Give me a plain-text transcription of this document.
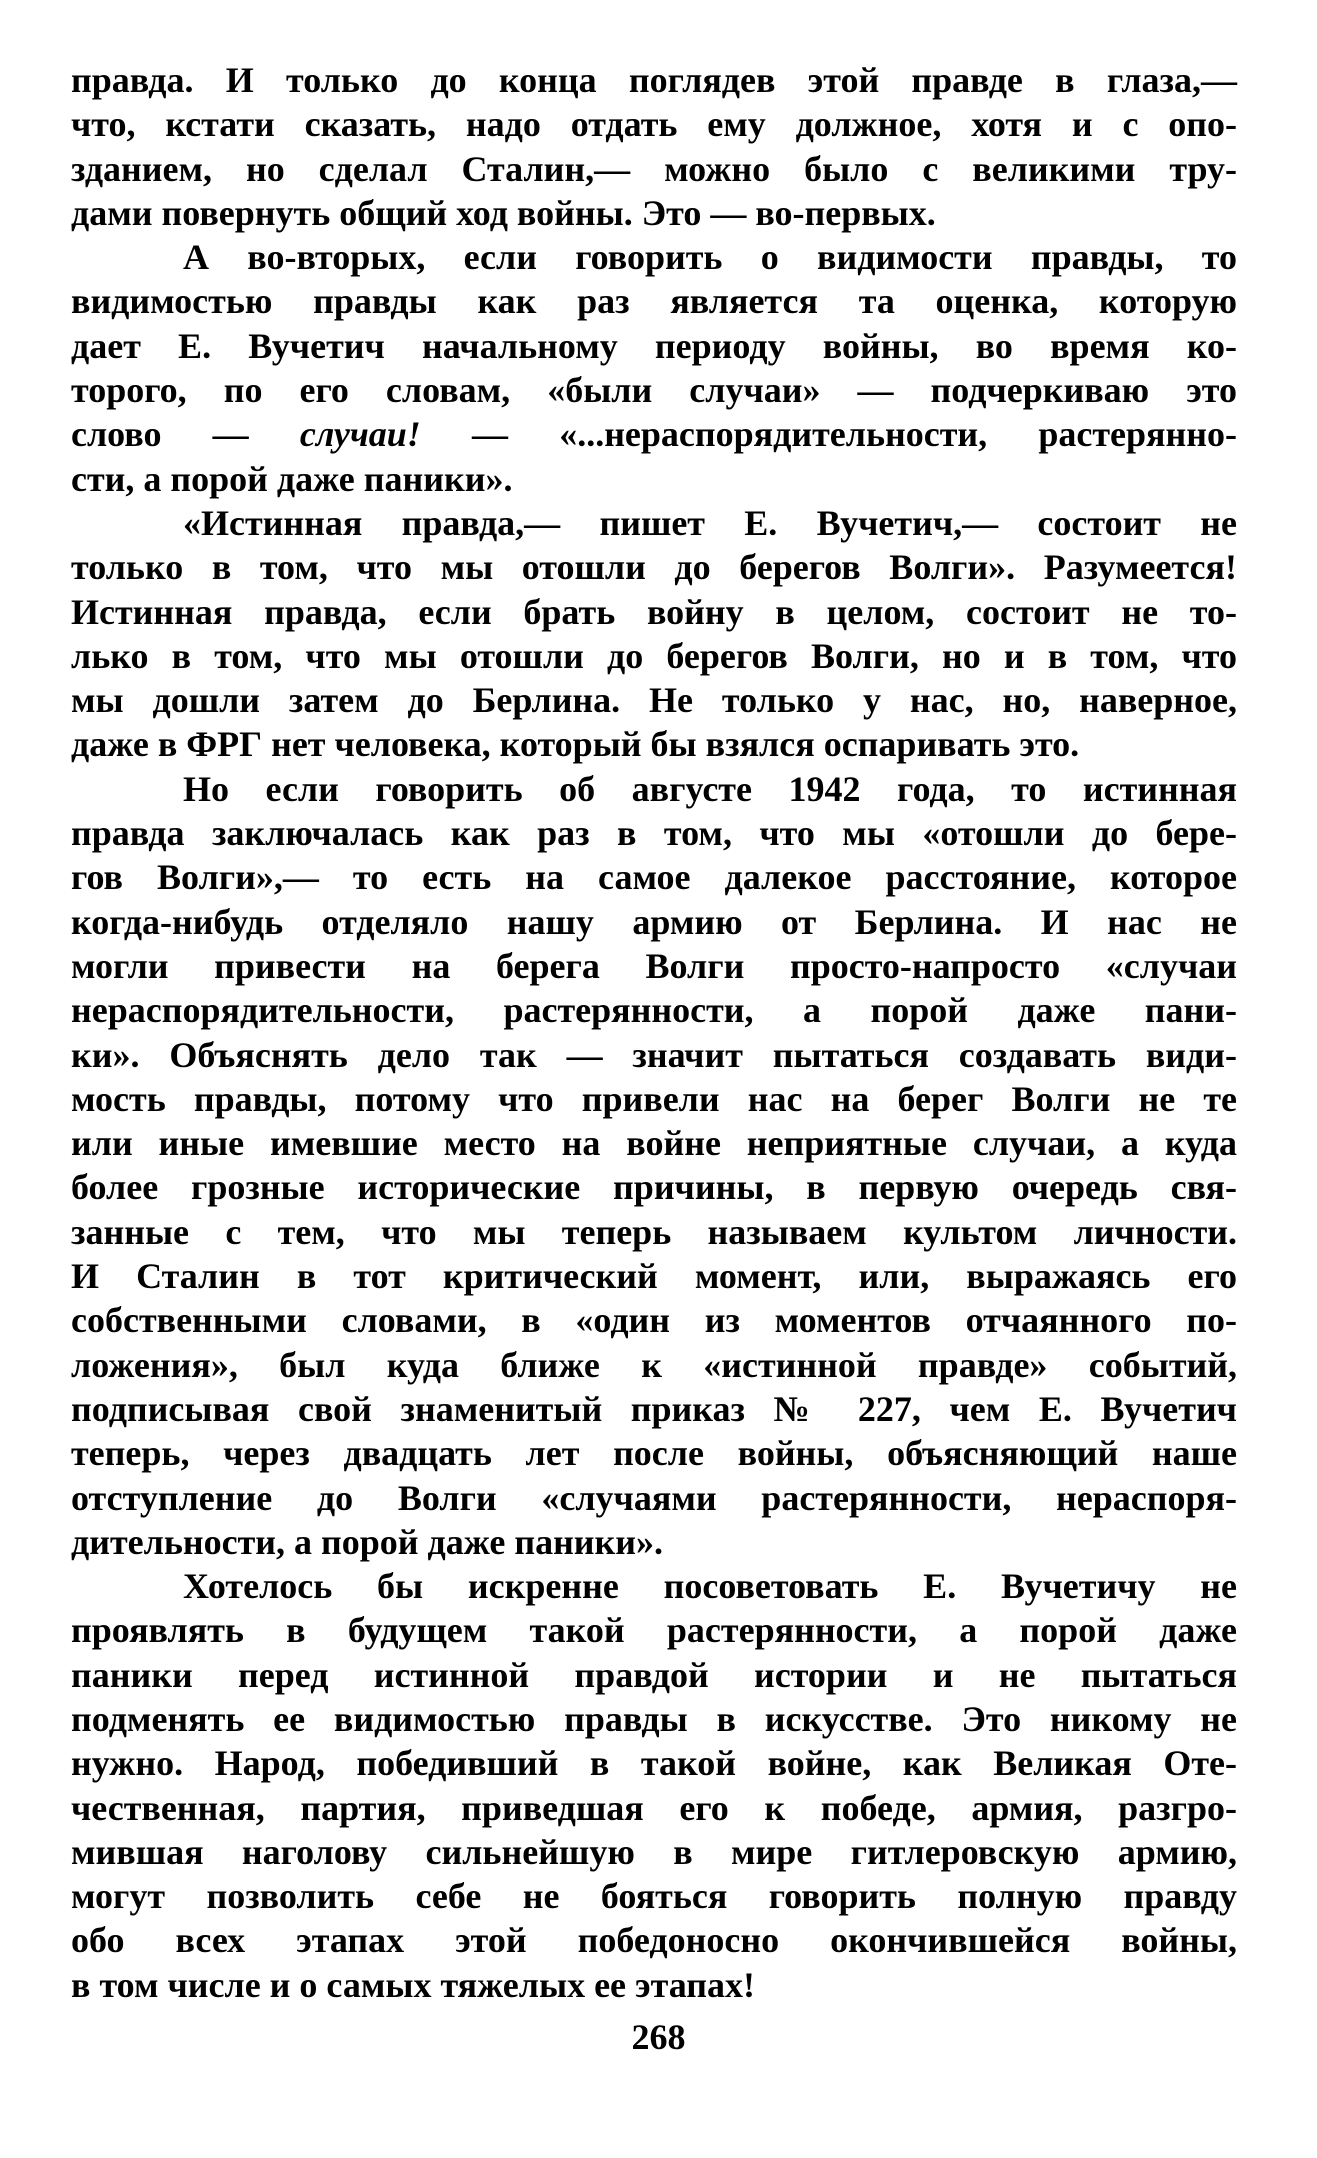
правда. И только до конца поглядев этой правде в глаза,—
что, кстати сказать, надо отдать ему должное, хотя и с опо-
зданием, но сделал Сталин,— можно было с великими тру-
дами повернуть общий ход войны. Это — во-первых.
А во-вторых, если говорить о видимости правды, то
видимостью правды как раз является та оценка, которую
дает Е. Вучетич начальному периоду войны, во время ко-
торого, по его словам, «были случаи» — подчеркиваю это
слово — случаи! — «...нераспорядительности, растерянно-
сти, а порой даже паники».
«Истинная правда,— пишет Е. Вучетич,— состоит не
только в том, что мы отошли до берегов Волги». Разумеется!
Истинная правда, если брать войну в целом, состоит не то-
лько в том, что мы отошли до берегов Волги, но и в том, что
мы дошли затем до Берлина. Не только у нас, но, наверное,
даже в ФРГ нет человека, который бы взялся оспаривать это.
Но если говорить об августе 1942 года, то истинная
правда заключалась как раз в том, что мы «отошли до бере-
гов Волги»,— то есть на самое далекое расстояние, которое
когда-нибудь отделяло нашу армию от Берлина. И нас не
могли привести на берега Волги просто-напросто «случаи
нераспорядительности, растерянности, а порой даже пани-
ки». Объяснять дело так — значит пытаться создавать види-
мость правды, потому что привели нас на берег Волги не те
или иные имевшие место на войне неприятные случаи, а куда
более грозные исторические причины, в первую очередь свя-
занные с тем, что мы теперь называем культом личности.
И Сталин в тот критический момент, или, выражаясь его
собственными словами, в «один из моментов отчаянного по-
ложения», был куда ближе к «истинной правде» событий,
подписывая свой знаменитый приказ № 227, чем Е. Вучетич
теперь, через двадцать лет после войны, объясняющий наше
отступление до Волги «случаями растерянности, нераспоря-
дительности, а порой даже паники».
Хотелось бы искренне посоветовать Е. Вучетичу не
проявлять в будущем такой растерянности, а порой даже
паники перед истинной правдой истории и не пытаться
подменять ее видимостью правды в искусстве. Это никому не
нужно. Народ, победивший в такой войне, как Великая Оте-
чественная, партия, приведшая его к победе, армия, разгро-
мившая наголову сильнейшую в мире гитлеровскую армию,
могут позволить себе не бояться говорить полную правду
обо всех этапах этой победоносно окончившейся войны,
в том числе и о самых тяжелых ее этапах!
268
